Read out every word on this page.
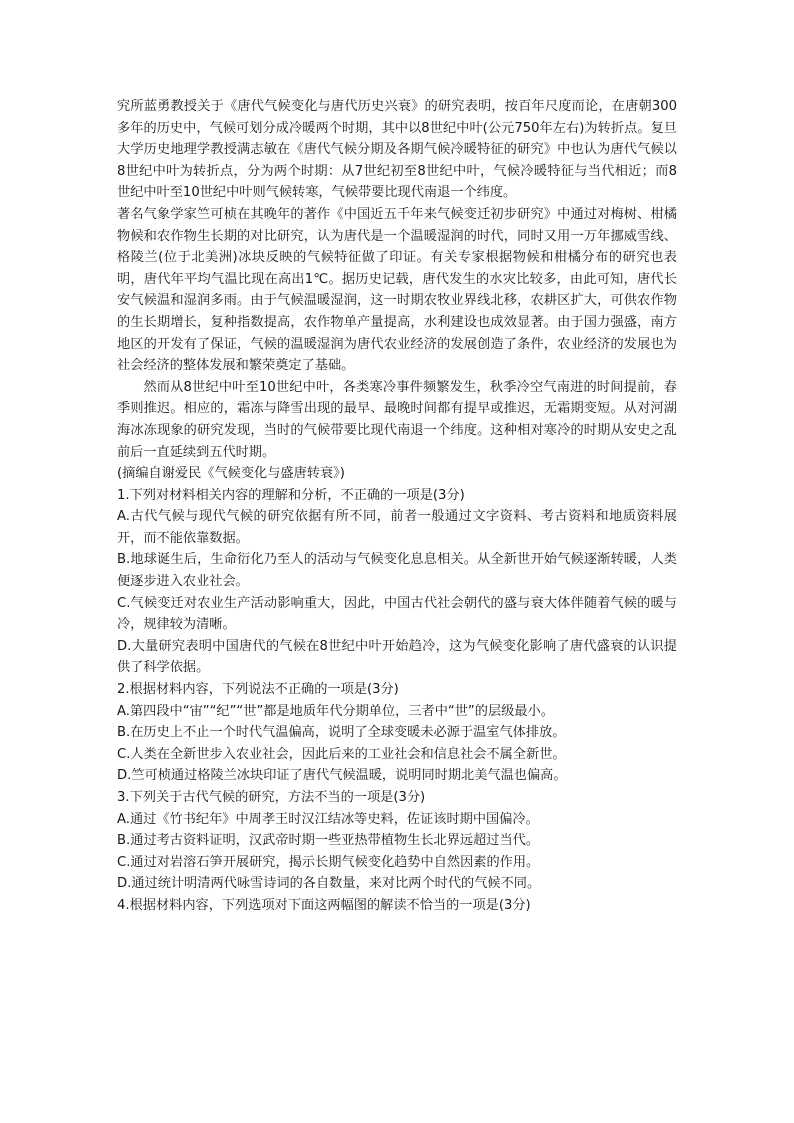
究所蓝勇教授关于《唐代气候变化与唐代历史兴衰》的研究表明，按百年尺度而论，在唐朝300多年的历史中，气候可划分成冷暖两个时期，其中以8世纪中叶(公元750年左右)为转折点。复旦大学历史地理学教授满志敏在《唐代气候分期及各期气候冷暖特征的研究》中也认为唐代气候以8世纪中叶为转折点，分为两个时期：从7世纪初至8世纪中叶，气候冷暖特征与当代相近；而8世纪中叶至10世纪中叶则气候转寒，气候带要比现代南退一个纬度。

著名气象学家竺可桢在其晚年的著作《中国近五千年来气候变迁初步研究》中通过对梅树、柑橘物候和农作物生长期的对比研究，认为唐代是一个温暖湿润的时代，同时又用一万年挪威雪线、格陵兰(位于北美洲)冰块反映的气候特征做了印证。有关专家根据物候和柑橘分布的研究也表明，唐代年平均气温比现在高出1℃。据历史记载，唐代发生的水灾比较多，由此可知，唐代长安气候温和湿润多雨。由于气候温暖湿润，这一时期农牧业界线北移，农耕区扩大，可供农作物的生长期增长，复种指数提高，农作物单产量提高，水利建设也成效显著。由于国力强盛，南方地区的开发有了保证，气候的温暖湿润为唐代农业经济的发展创造了条件，农业经济的发展也为社会经济的整体发展和繁荣奠定了基础。

然而从8世纪中叶至10世纪中叶，各类寒冷事件频繁发生，秋季冷空气南进的时间提前，春季则推迟。相应的，霜冻与降雪出现的最早、最晚时间都有提早或推迟，无霜期变短。从对河湖海冰冻现象的研究发现，当时的气候带要比现代南退一个纬度。这种相对寒冷的时期从安史之乱前后一直延续到五代时期。

(摘编自谢爱民《气候变化与盛唐转衰》)

1.下列对材料相关内容的理解和分析，不正确的一项是(3分)

A.古代气候与现代气候的研究依据有所不同，前者一般通过文字资料、考古资料和地质资料展开，而不能依靠数据。

B.地球诞生后，生命衍化乃至人的活动与气候变化息息相关。从全新世开始气候逐渐转暖，人类便逐步进入农业社会。

C.气候变迁对农业生产活动影响重大，因此，中国古代社会朝代的盛与衰大体伴随着气候的暖与冷，规律较为清晰。

D.大量研究表明中国唐代的气候在8世纪中叶开始趋冷，这为气候变化影响了唐代盛衰的认识提供了科学依据。

2.根据材料内容，下列说法不正确的一项是(3分)

A.第四段中“宙”“纪”“世”都是地质年代分期单位，三者中“世”的层级最小。

B.在历史上不止一个时代气温偏高，说明了全球变暖未必源于温室气体排放。

C.人类在全新世步入农业社会，因此后来的工业社会和信息社会不属全新世。

D.竺可桢通过格陵兰冰块印证了唐代气候温暖，说明同时期北美气温也偏高。

3.下列关于古代气候的研究，方法不当的一项是(3分)

A.通过《竹书纪年》中周孝王时汉江结冰等史料，佐证该时期中国偏冷。

B.通过考古资料证明，汉武帝时期一些亚热带植物生长北界远超过当代。

C.通过对岩溶石笋开展研究，揭示长期气候变化趋势中自然因素的作用。

D.通过统计明清两代咏雪诗词的各自数量，来对比两个时代的气候不同。

4.根据材料内容，下列选项对下面这两幅图的解读不恰当的一项是(3分)
